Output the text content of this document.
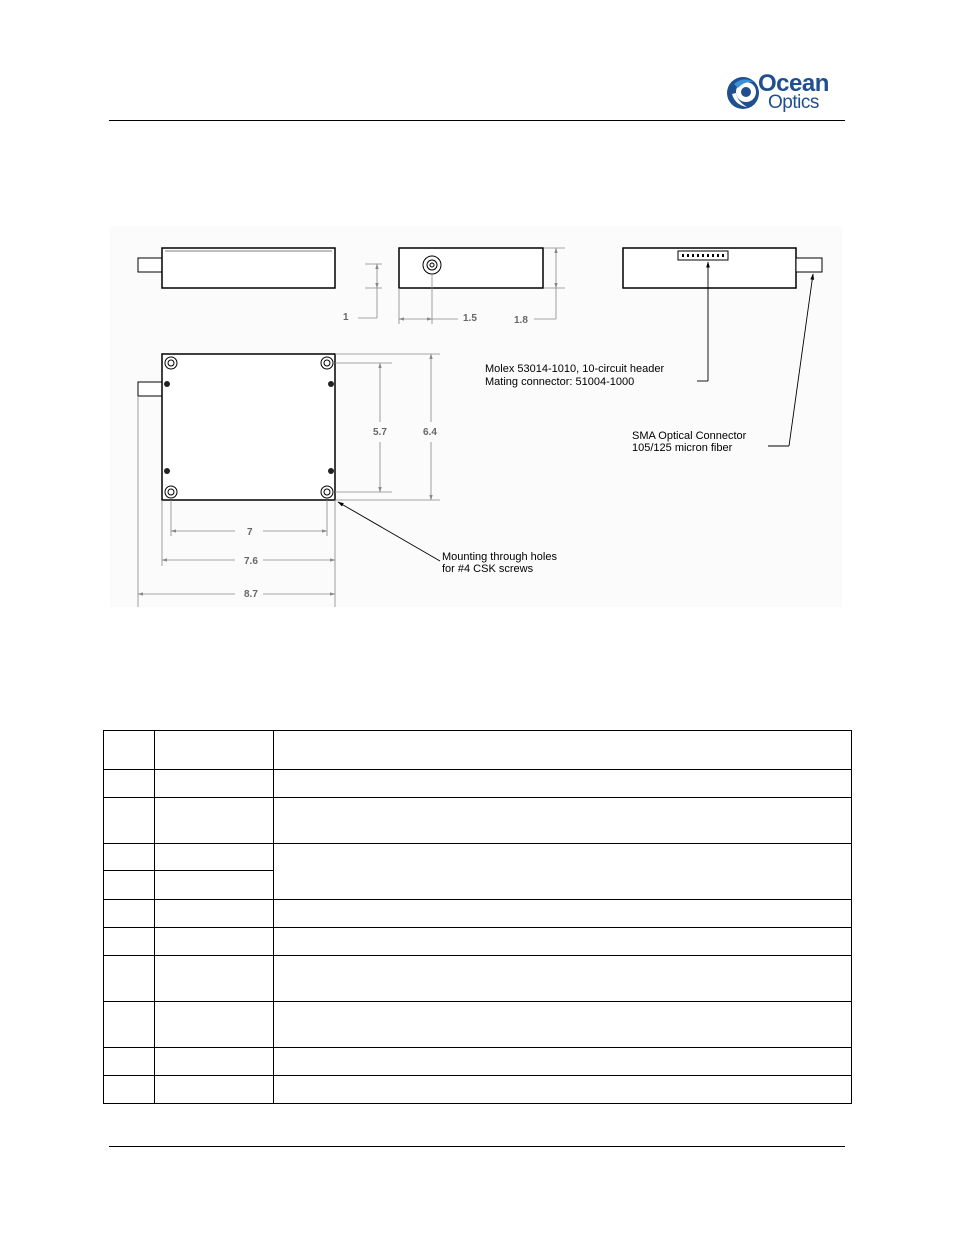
Ocean
Optics
1	1.5	1.8
5.7	6.4
7
7.6
8.7
Molex 53014-1010, 10-circuit header
Mating connector: 51004-1000
SMA Optical Connector
105/125 micron fiber
Mounting through holes
for #4 CSK screws
